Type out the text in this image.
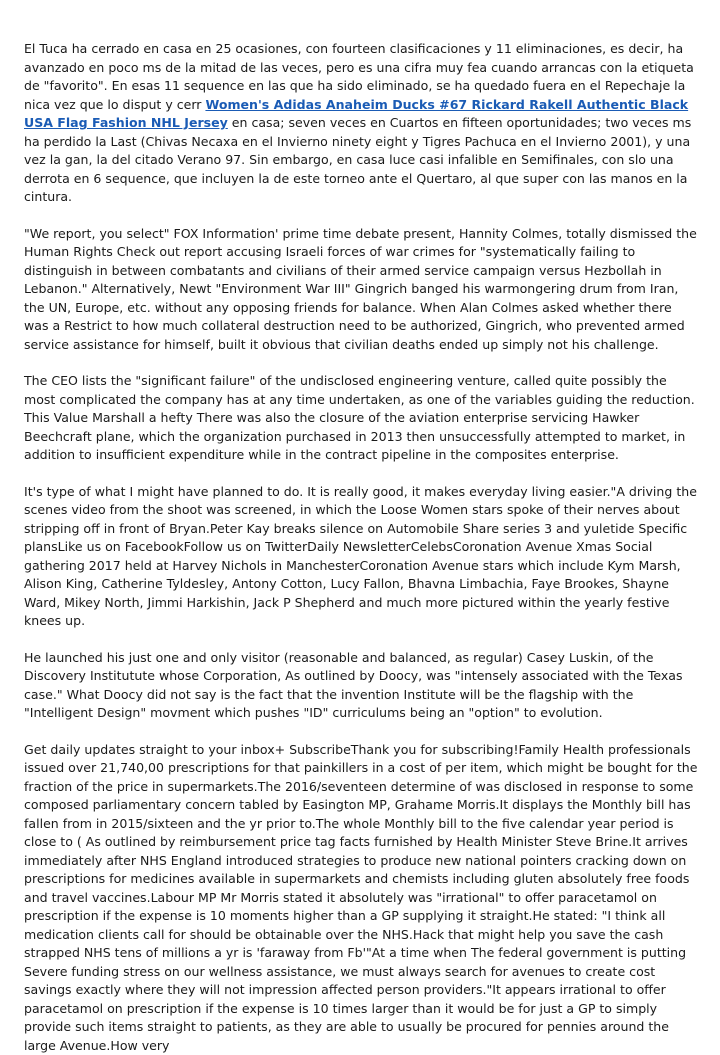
El Tuca ha cerrado en casa en 25 ocasiones, con fourteen clasificaciones y 11 eliminaciones, es decir, ha avanzado en poco ms de la mitad de las veces, pero es una cifra muy fea cuando arrancas con la etiqueta de "favorito". En esas 11 sequence en las que ha sido eliminado, se ha quedado fuera en el Repechaje la nica vez que lo disput y cerr Women's Adidas Anaheim Ducks #67 Rickard Rakell Authentic Black USA Flag Fashion NHL Jersey en casa; seven veces en Cuartos en fifteen oportunidades; two veces ms ha perdido la Last (Chivas Necaxa en el Invierno ninety eight y Tigres Pachuca en el Invierno 2001), y una vez la gan, la del citado Verano 97. Sin embargo, en casa luce casi infalible en Semifinales, con slo una derrota en 6 sequence, que incluyen la de este torneo ante el Quertaro, al que super con las manos en la cintura.

"We report, you select" FOX Information' prime time debate present, Hannity Colmes, totally dismissed the Human Rights Check out report accusing Israeli forces of war crimes for "systematically failing to distinguish in between combatants and civilians of their armed service campaign versus Hezbollah in Lebanon." Alternatively, Newt "Environment War III" Gingrich banged his warmongering drum from Iran, the UN, Europe, etc. without any opposing friends for balance. When Alan Colmes asked whether there was a Restrict to how much collateral destruction need to be authorized, Gingrich, who prevented armed service assistance for himself, built it obvious that civilian deaths ended up simply not his challenge.

The CEO lists the "significant failure" of the undisclosed engineering venture, called quite possibly the most complicated the company has at any time undertaken, as one of the variables guiding the reduction. This Value Marshall a hefty There was also the closure of the aviation enterprise servicing Hawker Beechcraft plane, which the organization purchased in 2013 then unsuccessfully attempted to market, in addition to insufficient expenditure while in the contract pipeline in the composites enterprise.

It's type of what I might have planned to do. It is really good, it makes everyday living easier."A driving the scenes video from the shoot was screened, in which the Loose Women stars spoke of their nerves about stripping off in front of Bryan.Peter Kay breaks silence on Automobile Share series 3 and yuletide Specific plansLike us on FacebookFollow us on TwitterDaily NewsletterCelebsCoronation Avenue Xmas Social gathering 2017 held at Harvey Nichols in ManchesterCoronation Avenue stars which include Kym Marsh, Alison King, Catherine Tyldesley, Antony Cotton, Lucy Fallon, Bhavna Limbachia, Faye Brookes, Shayne Ward, Mikey North, Jimmi Harkishin, Jack P Shepherd and much more pictured within the yearly festive knees up.

He launched his just one and only visitor (reasonable and balanced, as regular) Casey Luskin, of the Discovery Institutute whose Corporation, As outlined by Doocy, was "intensely associated with the Texas case." What Doocy did not say is the fact that the invention Institute will be the flagship with the "Intelligent Design" movment which pushes "ID" curriculums being an "option" to evolution.

Get daily updates straight to your inbox+ SubscribeThank you for subscribing!Family Health professionals issued over 21,740,00 prescriptions for that painkillers in a cost of per item, which might be bought for the fraction of the price in supermarkets.The 2016/seventeen determine of was disclosed in response to some composed parliamentary concern tabled by Easington MP, Grahame Morris.It displays the Monthly bill has fallen from in 2015/sixteen and the yr prior to.The whole Monthly bill to the five calendar year period is close to ( As outlined by reimbursement price tag facts furnished by Health Minister Steve Brine.It arrives immediately after NHS England introduced strategies to produce new national pointers cracking down on prescriptions for medicines available in supermarkets and chemists including gluten absolutely free foods and travel vaccines.Labour MP Mr Morris stated it absolutely was "irrational" to offer paracetamol on prescription if the expense is 10 moments higher than a GP supplying it straight.He stated: "I think all medication clients call for should be obtainable over the NHS.Hack that might help you save the cash strapped NHS tens of millions a yr is 'faraway from Fb'"At a time when The federal government is putting Severe funding stress on our wellness assistance, we must always search for avenues to create cost savings exactly where they will not impression affected person providers."It appears irrational to offer paracetamol on prescription if the expense is 10 times larger than it would be for just a GP to simply provide such items straight to patients, as they are able to usually be procured for pennies around the large Avenue.How very
